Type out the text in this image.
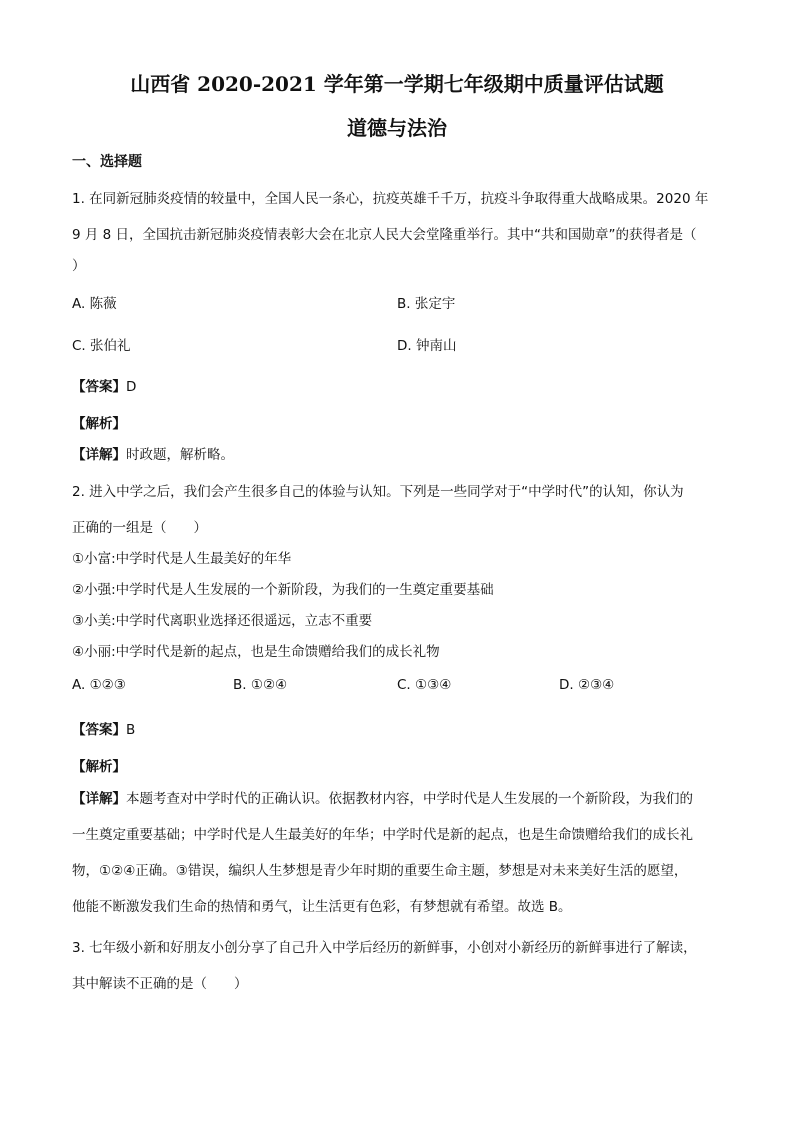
山西省 2020-2021 学年第一学期七年级期中质量评估试题
道德与法治
一、选择题
1. 在同新冠肺炎疫情的较量中，全国人民一条心，抗疫英雄千千万，抗疫斗争取得重大战略成果。2020 年
9 月 8 日，全国抗击新冠肺炎疫情表彰大会在北京人民大会堂隆重举行。其中“共和国勋章”的获得者是（
）
A. 陈薇	B. 张定宇
C. 张伯礼	D. 钟南山
【答案】D
【解析】
【详解】时政题，解析略。
2. 进入中学之后，我们会产生很多自己的体验与认知。下列是一些同学对于“中学时代”的认知，你认为
正确的一组是（　　）
①小富:中学时代是人生最美好的年华
②小强:中学时代是人生发展的一个新阶段，为我们的一生奠定重要基础
③小美:中学时代离职业选择还很遥远，立志不重要
④小丽:中学时代是新的起点，也是生命馈赠给我们的成长礼物
A. ①②③	B. ①②④	C. ①③④	D. ②③④
【答案】B
【解析】
【详解】本题考查对中学时代的正确认识。依据教材内容，中学时代是人生发展的一个新阶段，为我们的
一生奠定重要基础；中学时代是人生最美好的年华；中学时代是新的起点，也是生命馈赠给我们的成长礼
物，①②④正确。③错误，编织人生梦想是青少年时期的重要生命主题，梦想是对未来美好生活的愿望，
他能不断激发我们生命的热情和勇气，让生活更有色彩，有梦想就有希望。故选 B。
3. 七年级小新和好朋友小创分享了自己升入中学后经历的新鲜事，小创对小新经历的新鲜事进行了解读，
其中解读不正确的是（　　）
